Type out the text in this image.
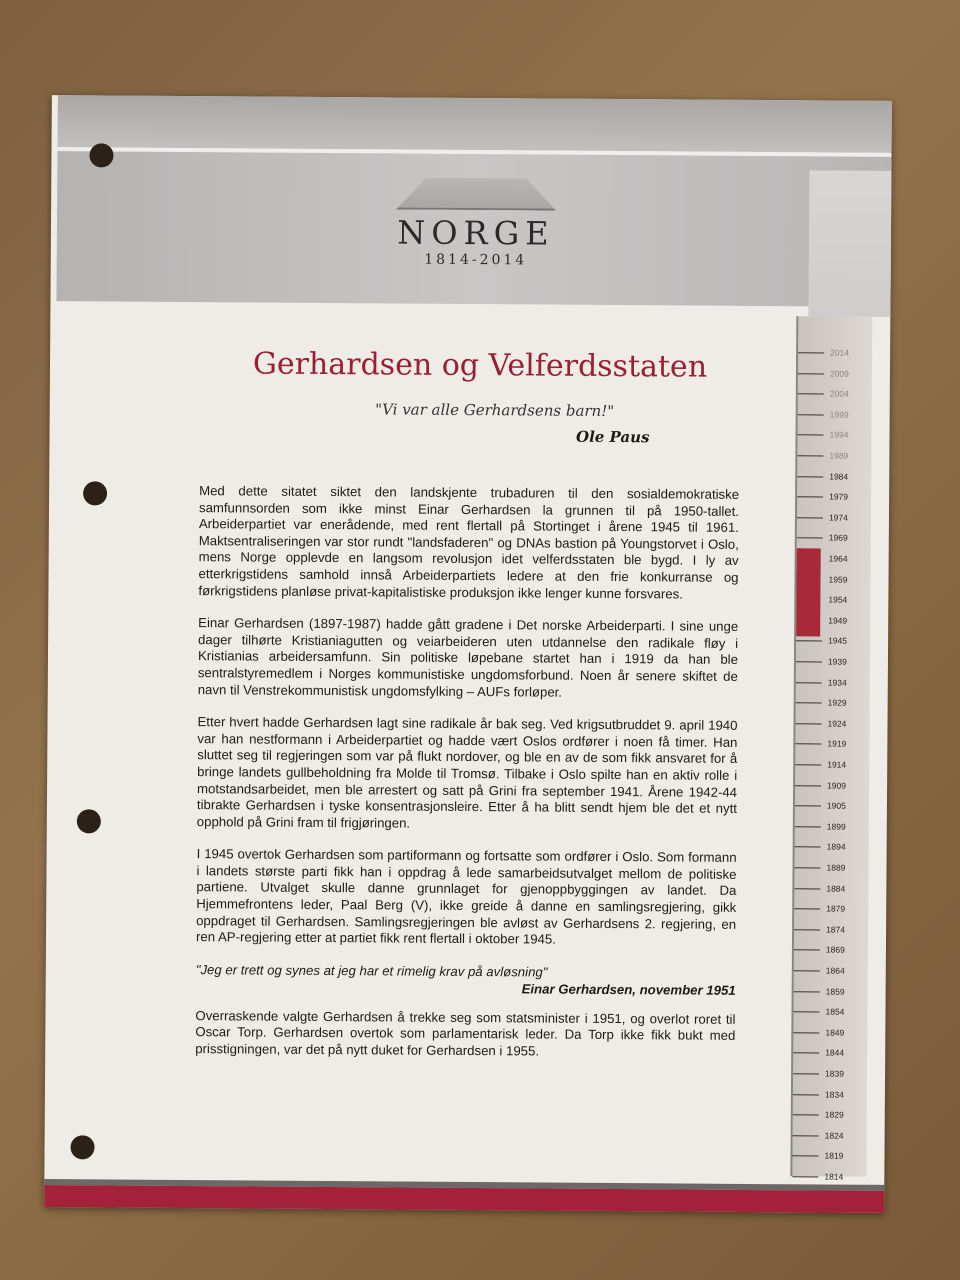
NORGE
1814-2014
Gerhardsen og Velferdsstaten
"Vi var alle Gerhardsens barn!"
Ole Paus

Med dette sitatet siktet den landskjente trubaduren til den sosialdemokratiske samfunnsorden som ikke minst Einar Gerhardsen la grunnen til på 1950-tallet. Arbeiderpartiet var enerådende, med rent flertall på Stortinget i årene 1945 til 1961. Maktsentraliseringen var stor rundt "landsfaderen" og DNAs bastion på Youngstorvet i Oslo, mens Norge opplevde en langsom revolusjon idet velferdsstaten ble bygd. I ly av etterkrigstidens samhold innså Arbeiderpartiets ledere at den frie konkurranse og førkrigstidens planløse privat-kapitalistiske produksjon ikke lenger kunne forsvares.

Einar Gerhardsen (1897-1987) hadde gått gradene i Det norske Arbeiderparti. I sine unge dager tilhørte Kristianiagutten og veiarbeideren uten utdannelse den radikale fløy i Kristianias arbeidersamfunn. Sin politiske løpebane startet han i 1919 da han ble sentralstyremedlem i Norges kommunistiske ungdomsforbund. Noen år senere skiftet de navn til Venstrekommunistisk ungdomsfylking – AUFs forløper.

Etter hvert hadde Gerhardsen lagt sine radikale år bak seg. Ved krigsutbruddet 9. april 1940 var han nestformann i Arbeiderpartiet og hadde vært Oslos ordfører i noen få timer. Han sluttet seg til regjeringen som var på flukt nordover, og ble en av de som fikk ansvaret for å bringe landets gullbeholdning fra Molde til Tromsø. Tilbake i Oslo spilte han en aktiv rolle i motstandsarbeidet, men ble arrestert og satt på Grini fra september 1941. Årene 1942-44 tibrakte Gerhardsen i tyske konsentrasjonsleire. Etter å ha blitt sendt hjem ble det et nytt opphold på Grini fram til frigjøringen.

I 1945 overtok Gerhardsen som partiformann og fortsatte som ordfører i Oslo. Som formann i landets største parti fikk han i oppdrag å lede samarbeidsutvalget mellom de politiske partiene. Utvalget skulle danne grunnlaget for gjenoppbyggingen av landet. Da Hjemmefrontens leder, Paal Berg (V), ikke greide å danne en samlingsregjering, gikk oppdraget til Gerhardsen. Samlingsregjeringen ble avløst av Gerhardsens 2. regjering, en ren AP-regjering etter at partiet fikk rent flertall i oktober 1945.

"Jeg er trett og synes at jeg har et rimelig krav på avløsning"
Einar Gerhardsen, november 1951

Overraskende valgte Gerhardsen å trekke seg som statsminister i 1951, og overlot roret til Oscar Torp. Gerhardsen overtok som parlamentarisk leder. Da Torp ikke fikk bukt med prisstigningen, var det på nytt duket for Gerhardsen i 1955.

2014
2009
2004
1999
1994
1989
1984
1979
1974
1969
1964
1959
1954
1949
1945
1939
1934
1929
1924
1919
1914
1909
1905
1899
1894
1889
1884
1879
1874
1869
1864
1859
1854
1849
1844
1839
1834
1829
1824
1819
1814
